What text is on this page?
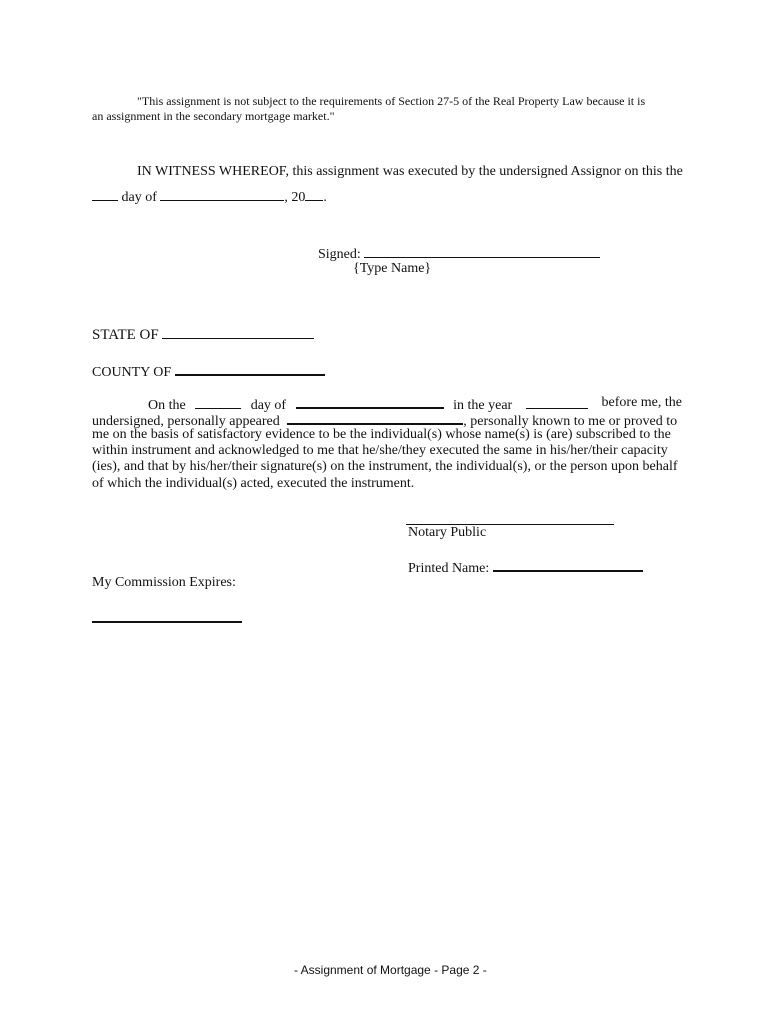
"This assignment is not subject to the requirements of Section 27-5 of the Real Property Law because it is
an assignment in the secondary mortgage market."
IN WITNESS WHEREOF, this assignment was executed by the undersigned Assignor on this the
day of	, 20 .
Signed:
{Type Name}
STATE OF
COUNTY OF
On the	day of	in the year	before me, the
undersigned, personally appeared	, personally known to me or proved to
me on the basis of satisfactory evidence to be the individual(s) whose name(s) is (are) subscribed to the
within instrument and acknowledged to me that he/she/they executed the same in his/her/their capacity
(ies), and that by his/her/their signature(s) on the instrument, the individual(s), or the person upon behalf
of which the individual(s) acted, executed the instrument.
Notary Public
Printed Name:
My Commission Expires:
- Assignment of Mortgage - Page 2 -
